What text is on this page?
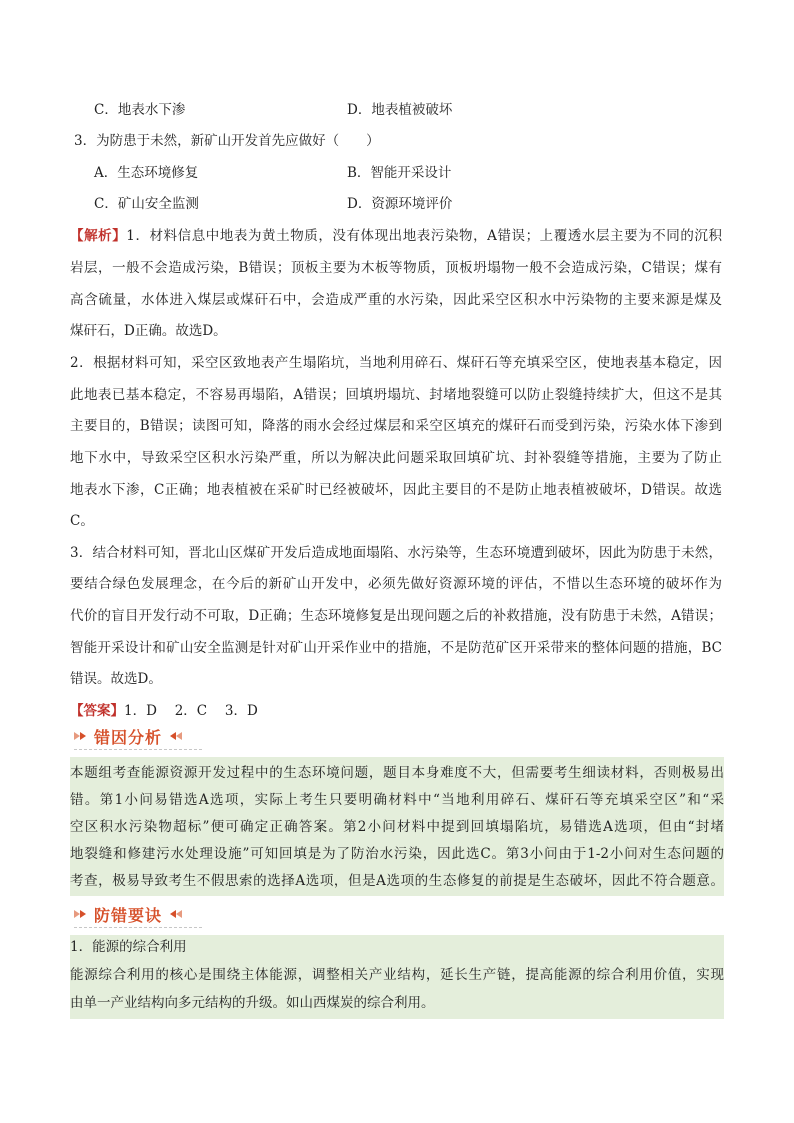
C．地表水下渗	D．地表植被破坏
3．为防患于未然，新矿山开发首先应做好（　　）
A．生态环境修复	B．智能开采设计
C．矿山安全监测	D．资源环境评价
【解析】1．材料信息中地表为黄土物质，没有体现出地表污染物，A错误；上覆透水层主要为不同的沉积
岩层，一般不会造成污染，B错误；顶板主要为木板等物质，顶板坍塌物一般不会造成污染，C错误；煤有
高含硫量，水体进入煤层或煤矸石中，会造成严重的水污染，因此采空区积水中污染物的主要来源是煤及
煤矸石，D正确。故选D。
2．根据材料可知，采空区致地表产生塌陷坑，当地利用碎石、煤矸石等充填采空区，使地表基本稳定，因
此地表已基本稳定，不容易再塌陷，A错误；回填坍塌坑、封堵地裂缝可以防止裂缝持续扩大，但这不是其
主要目的，B错误；读图可知，降落的雨水会经过煤层和采空区填充的煤矸石而受到污染，污染水体下渗到
地下水中，导致采空区积水污染严重，所以为解决此问题采取回填矿坑、封补裂缝等措施，主要为了防止
地表水下渗，C正确；地表植被在采矿时已经被破坏，因此主要目的不是防止地表植被破坏，D错误。故选
C。
3．结合材料可知，晋北山区煤矿开发后造成地面塌陷、水污染等，生态环境遭到破坏，因此为防患于未然，
要结合绿色发展理念，在今后的新矿山开发中，必须先做好资源环境的评估，不惜以生态环境的破坏作为
代价的盲目开发行动不可取，D正确；生态环境修复是出现问题之后的补救措施，没有防患于未然，A错误；
智能开采设计和矿山安全监测是针对矿山开采作业中的措施，不是防范矿区开采带来的整体问题的措施，BC
错误。故选D。
【答案】1．D　 2．C　 3．D
错因分析
本题组考查能源资源开发过程中的生态环境问题，题目本身难度不大，但需要考生细读材料，否则极易出
错。第1小问易错选A选项，实际上考生只要明确材料中“当地利用碎石、煤矸石等充填采空区”和“采
空区积水污染物超标”便可确定正确答案。第2小问材料中提到回填塌陷坑，易错选A选项，但由“封堵
地裂缝和修建污水处理设施”可知回填是为了防治水污染，因此选C。第3小问由于1-2小问对生态问题的
考查，极易导致考生不假思索的选择A选项，但是A选项的生态修复的前提是生态破坏，因此不符合题意。
防错要诀
1．能源的综合利用
能源综合利用的核心是围绕主体能源，调整相关产业结构，延长生产链，提高能源的综合利用价值，实现
由单一产业结构向多元结构的升级。如山西煤炭的综合利用。
